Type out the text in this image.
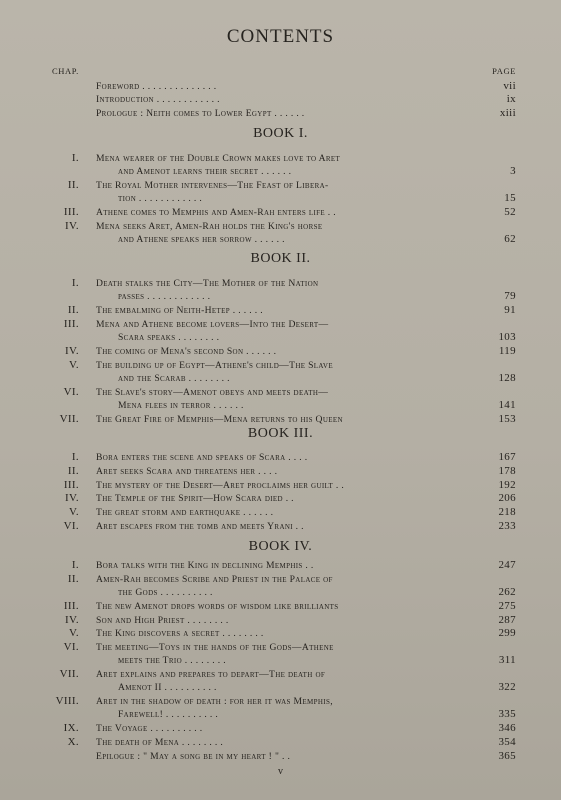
CONTENTS
CHAP.	PAGE
Foreword . . . . . . . . . . . . . .	vii
Introduction . . . . . . . . . . . .	ix
Prologue : Neith comes to Lower Egypt . . . . . .	xiii
BOOK I.
I. Mena wearer of the Double Crown makes love to Aret
and Amenot learns their secret . . . . . .	3
II. The Royal Mother intervenes—The Feast of Libera-
tion . . . . . . . . . . . .	15
III. Athene comes to Memphis and Amen-Rah enters life . .	52
IV. Mena seeks Aret, Amen-Rah holds the King's horse
and Athene speaks her sorrow . . . . . .	62
BOOK II.
I. Death stalks the City—The Mother of the Nation
passes . . . . . . . . . . . .	79
II. The embalming of Neith-Hetep . . . . . .	91
III. Mena and Athene become lovers—Into the Desert—
Scara speaks . . . . . . . .	103
IV. The coming of Mena's second Son . . . . . .	119
V. The building up of Egypt—Athene's child—The Slave
and the Scarab . . . . . . . .	128
VI. The Slave's story—Amenot obeys and meets death—
Mena flees in terror . . . . . .	141
VII. The Great Fire of Memphis—Mena returns to his Queen	153
BOOK III.
I. Bora enters the scene and speaks of Scara . . . .	167
II. Aret seeks Scara and threatens her . . . .	178
III. The mystery of the Desert—Aret proclaims her guilt . .	192
IV. The Temple of the Spirit—How Scara died . .	206
V. The great storm and earthquake . . . . . .	218
VI. Aret escapes from the tomb and meets Yrani . .	233
BOOK IV.
I. Bora talks with the King in declining Memphis . .	247
II. Amen-Rah becomes Scribe and Priest in the Palace of
the Gods . . . . . . . . . .	262
III. The new Amenot drops words of wisdom like brilliants	275
IV. Son and High Priest . . . . . . . .	287
V. The King discovers a secret . . . . . . . .	299
VI. The meeting—Toys in the hands of the Gods—Athene
meets the Trio . . . . . . . .	311
VII. Aret explains and prepares to depart—The death of
Amenot II . . . . . . . . . .	322
VIII. Aret in the shadow of death : for her it was Memphis,
Farewell! . . . . . . . . . .	335
IX. The Voyage . . . . . . . . . .	346
X. The death of Mena . . . . . . . .	354
Epilogue : " May a song be in my heart ! " . .	365
v
